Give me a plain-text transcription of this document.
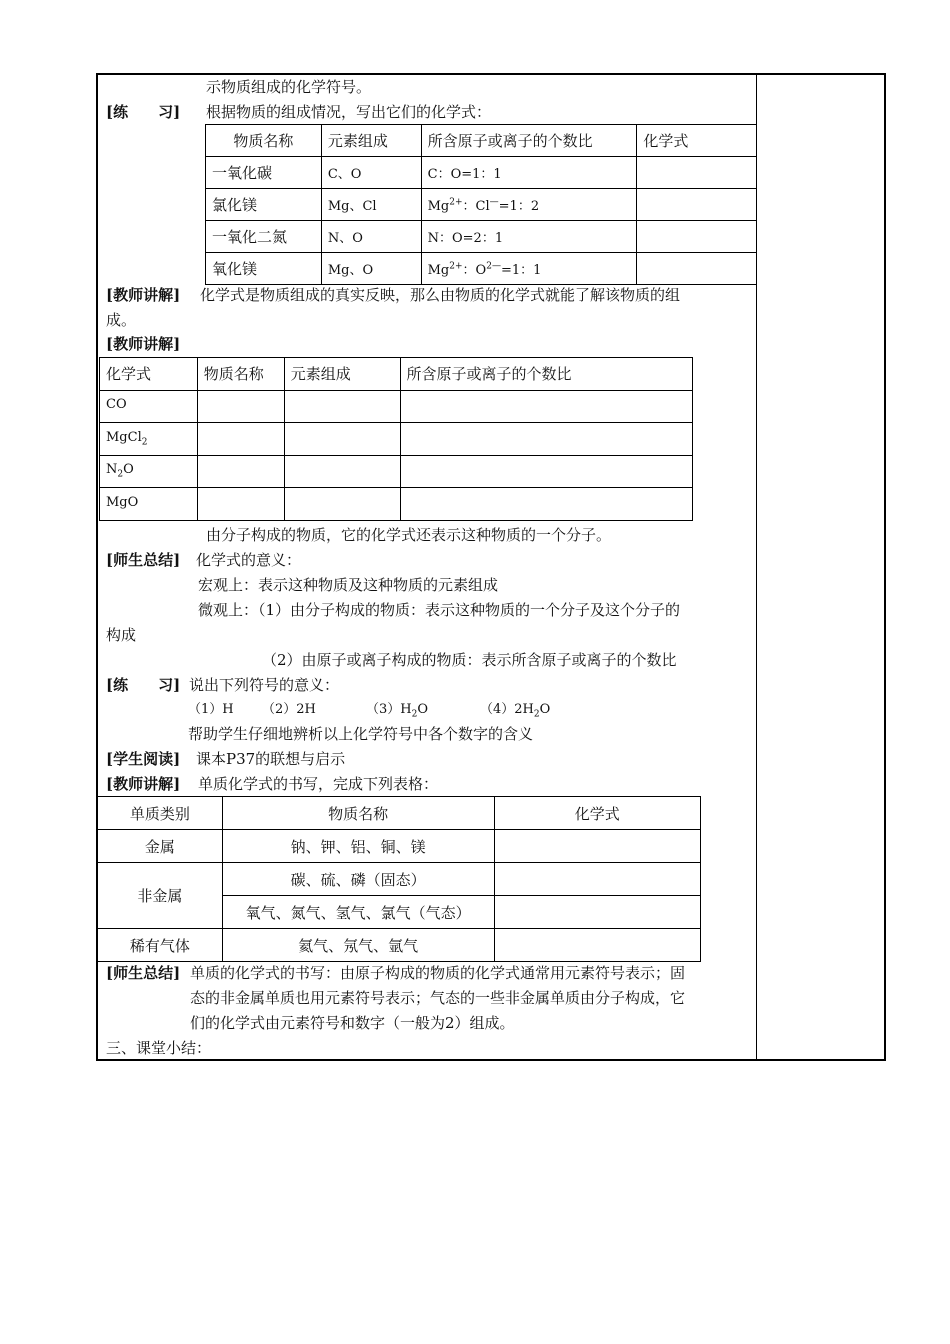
示物质组成的化学符号。
[练　　习] 根据物质的组成情况，写出它们的化学式：
物质名称	元素组成	所含原子或离子的个数比	化学式
一氧化碳	C、O	C：O=1：1	
氯化镁	Mg、Cl	$Mg^{2+}$：Cl—=1：2	
一氧化二氮	N、O	N：O=2：1	
氧化镁	Mg、O	$Mg^{2+}$：$O^{2—}=1$：1	
[教师讲解] 化学式是物质组成的真实反映，那么由物质的化学式就能了解该物质的组
成。
[教师讲解]
化学式	物质名称	元素组成	所含原子或离子的个数比
CO			
MgCl$_2$			
$N_2O$			
MgO			
由分子构成的物质，它的化学式还表示这种物质的一个分子。
[师生总结] 化学式的意义：
宏观上：表示这种物质及这种物质的元素组成
微观上：（1）由分子构成的物质：表示这种物质的一个分子及这个分子的
构成
（2）由原子或离子构成的物质：表示所含原子或离子的个数比
[练　　习] 说出下列符号的意义：
（1）H （2）2H	$(3)H_2O$	$(4)2H_2O$
帮助学生仔细地辨析以上化学符号中各个数字的含义
[学生阅读] 课本P37的联想与启示
[教师讲解] 单质化学式的书写，完成下列表格：
单质类别	物质名称	化学式
金属	钠、钾、铝、铜、镁	
非金属	碳、硫、磷（固态）	
	氧气、氮气、氢气、氯气（气态）	
稀有气体	氦气、氖气、氩气	
[师生总结] 单质的化学式的书写：由原子构成的物质的化学式通常用元素符号表示；固
态的非金属单质也用元素符号表示；气态的一些非金属单质由分子构成，它
们的化学式由元素符号和数字（一般为2）组成。
三、课堂小结：
